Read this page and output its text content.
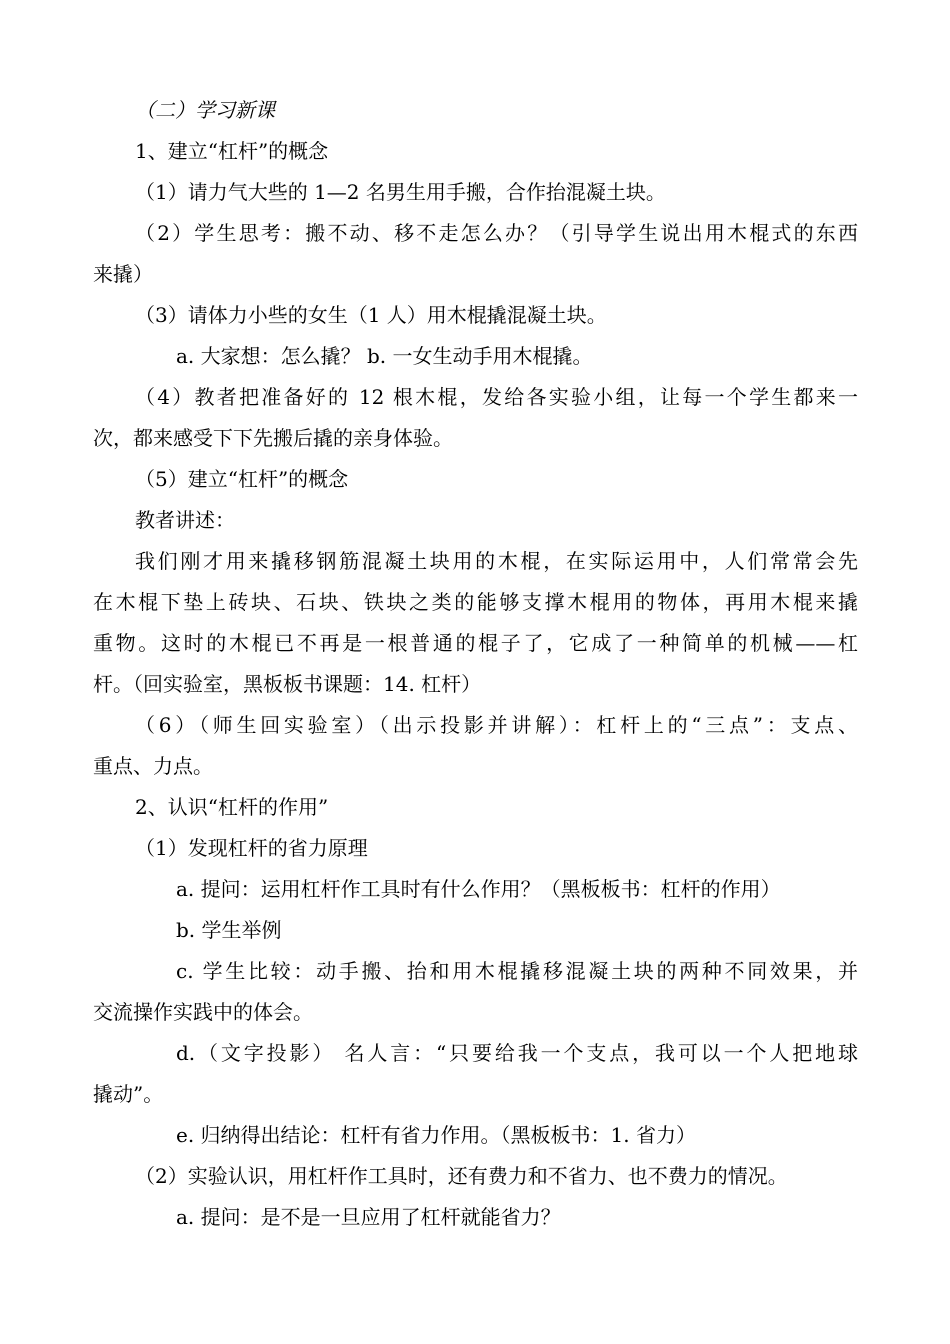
（二）学习新课
1、建立“杠杆”的概念
（1）请力气大些的 1—2 名男生用手搬，合作抬混凝土块。
（2）学生思考：搬不动、移不走怎么办？（引导学生说出用木棍式的东西
来撬）
（3）请体力小些的女生（1 人）用木棍撬混凝土块。
a. 大家想：怎么撬？ b. 一女生动手用木棍撬。
（4）教者把准备好的 12 根木棍，发给各实验小组，让每一个学生都来一
次，都来感受下下先搬后撬的亲身体验。
（5）建立“杠杆”的概念
教者讲述：
我们刚才用来撬移钢筋混凝土块用的木棍，在实际运用中，人们常常会先
在木棍下垫上砖块、石块、铁块之类的能够支撑木棍用的物体，再用木棍来撬
重物。这时的木棍已不再是一根普通的棍子了，它成了一种简单的机械——杠
杆。（回实验室，黑板板书课题：14. 杠杆）
（6）（师生回实验室）（出示投影并讲解）：杠杆上的“三点”：支点、
重点、力点。
2、认识“杠杆的作用”
（1）发现杠杆的省力原理
a. 提问：运用杠杆作工具时有什么作用？（黑板板书：杠杆的作用）
b. 学生举例
c. 学生比较：动手搬、抬和用木棍撬移混凝土块的两种不同效果，并
交流操作实践中的体会。
d.（文字投影） 名人言：“只要给我一个支点，我可以一个人把地球
撬动”。
e. 归纳得出结论：杠杆有省力作用。（黑板板书：1. 省力）
（2）实验认识，用杠杆作工具时，还有费力和不省力、也不费力的情况。
a. 提问：是不是一旦应用了杠杆就能省力？
